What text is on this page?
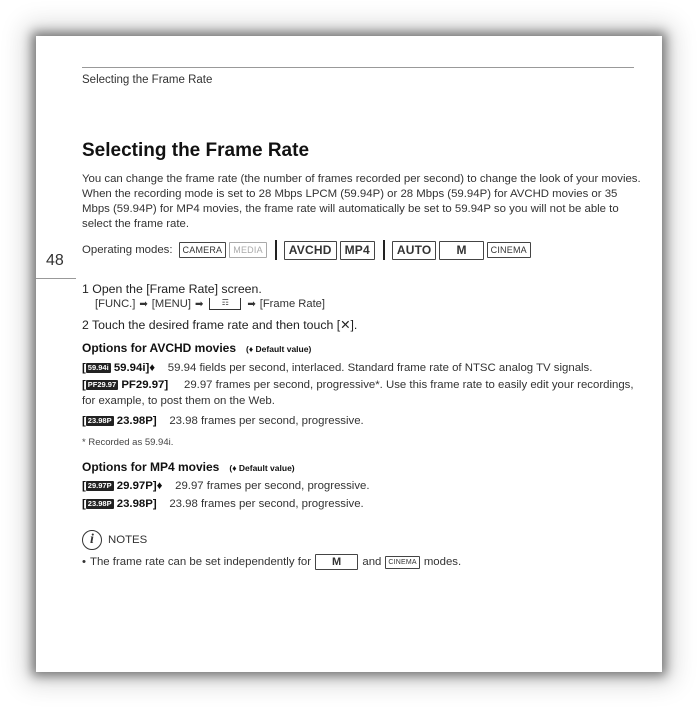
Selecting the Frame Rate
48
Selecting the Frame Rate
You can change the frame rate (the number of frames recorded per second) to change the look of your movies. When the recording mode is set to 28 Mbps LPCM (59.94P) or 28 Mbps (59.94P) for AVCHD movies or 35 Mbps (59.94P) for MP4 movies, the frame rate will automatically be set to 59.94P so you will not be able to select the frame rate.
Operating modes:	CAMERA	MEDIA	AVCHD	MP4	AUTO	M	CINEMA
1 Open the [Frame Rate] screen.
[FUNC.] ➡ [MENU] ➡	☶	➡ [Frame Rate]
2 Touch the desired frame rate and then touch [✕].
Options for AVCHD movies (♦ Default value)
[ 59.94i 59.94i]♦ 59.94 fields per second, interlaced. Standard frame rate of NTSC analog TV signals.
[ PF29.97 PF29.97] 29.97 frames per second, progressive*. Use this frame rate to easily edit your recordings, for example, to post them on the Web.
[ 23.98P 23.98P] 23.98 frames per second, progressive.
* Recorded as 59.94i.
Options for MP4 movies (♦ Default value)
[ 29.97P 29.97P]♦ 29.97 frames per second, progressive.
[ 23.98P 23.98P] 23.98 frames per second, progressive.
i	NOTES
• The frame rate can be set independently for	M	and	CINEMA modes.
